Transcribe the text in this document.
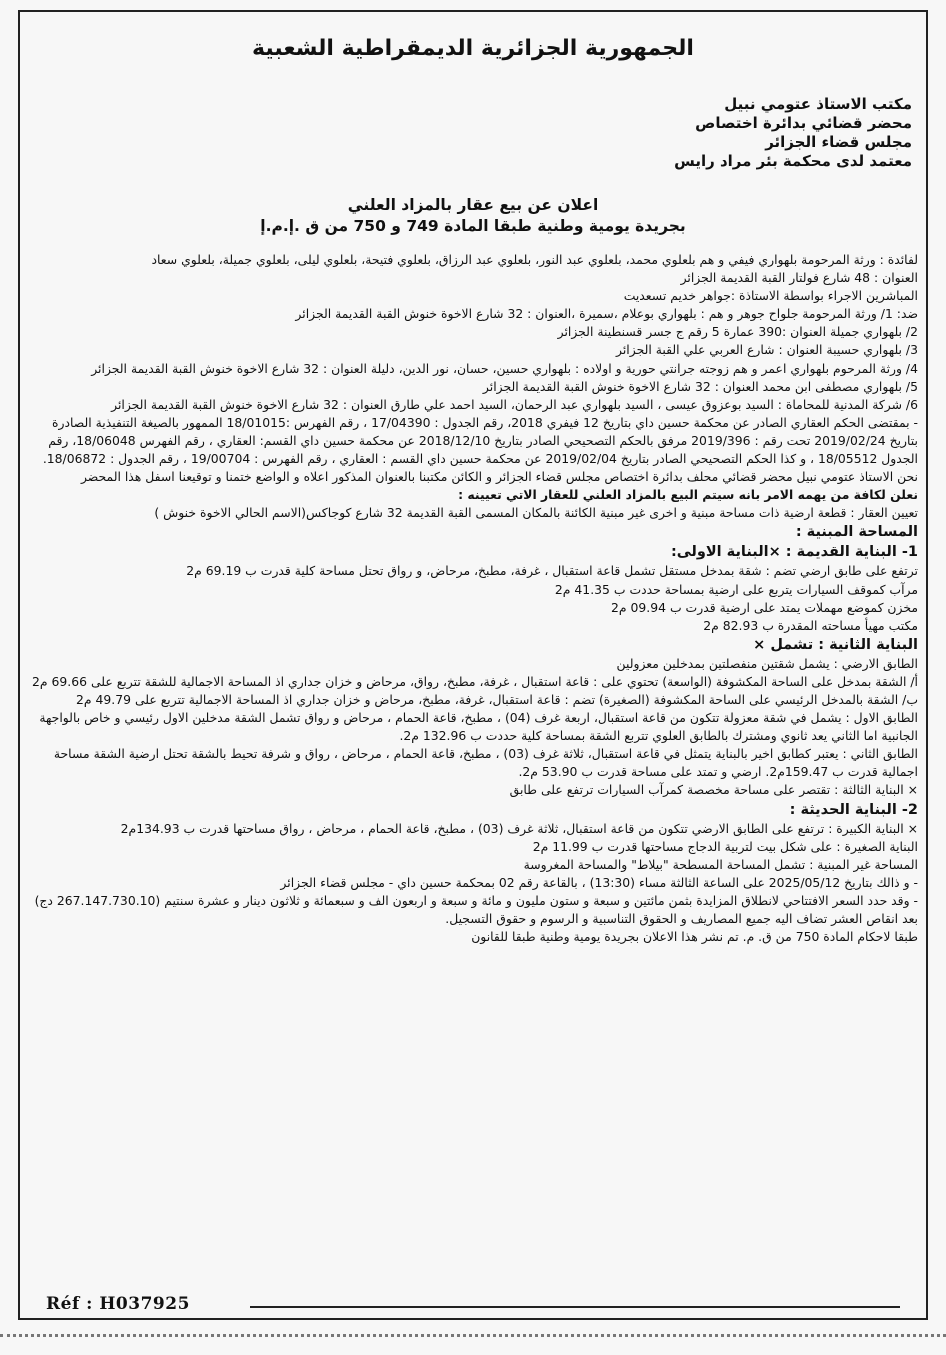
الجمهورية الجزائرية الديمقراطية الشعبية
مكتب الاستاذ عتومي نبيل
محضر قضائي بدائرة اختصاص
مجلس قضاء الجزائر
معتمد لدى محكمة بئر مراد رايس
اعلان عن بيع عقار بالمزاد العلني
بجريدة يومية وطنية طبقا المادة 749 و 750 من ق .إ.م.إ

لفائدة : ورثة المرحومة بلهواري فيفي و هم بلعلوي محمد، بلعلوي عبد النور، بلعلوي عبد الرزاق، بلعلوي فتيحة، بلعلوي ليلى، بلعلوي جميلة، بلعلوي سعاد

العنوان : 48 شارع فولتار القبة القديمة الجزائر

المباشرين الاجراء بواسطة الاستاذة :جواهر خديم تسعديت

ضد: 1/ ورثة المرحومة جلواح جوهر و هم : بلهواري بوعلام ،سميرة ،العنوان : 32 شارع الاخوة خنوش القبة القديمة الجزائر

2/ بلهواري جميلة العنوان :390 عمارة 5 رقم ج جسر قسنطينة الجزائر

3/ بلهواري حسيبة العنوان : شارع العربي علي القبة الجزائر

4/ ورثة المرحوم بلهواري اعمر و هم زوجته جرانتي حورية و اولاده : بلهواري حسين، حسان، نور الدين، دليلة العنوان : 32 شارع الاخوة خنوش القبة القديمة الجزائر

5/ بلهواري مصطفى ابن محمد العنوان : 32 شارع الاخوة خنوش القبة القديمة الجزائر

6/ شركة المدنية للمحاماة : السيد بوعزوق عيسى ، السيد بلهواري عبد الرحمان، السيد احمد علي طارق العنوان : 32 شارع الاخوة خنوش القبة القديمة الجزائر

- بمقتضى الحكم العقاري الصادر عن محكمة حسين داي بتاريخ 12 فيفري 2018، رقم الجدول : 17/04390 ، رقم الفهرس :18/01015 الممهور بالصيغة التنفيذية الصادرة بتاريخ 2019/02/24 تحت رقم : 2019/396 مرفق بالحكم التصحيحي الصادر بتاريخ 2018/12/10 عن محكمة حسين داي القسم: العقاري ، رقم الفهرس 18/06048، رقم الجدول 18/05512 ، و كذا الحكم التصحيحي الصادر بتاريخ 2019/02/04 عن محكمة حسين داي القسم : العقاري ، رقم الفهرس : 19/00704 ، رقم الجدول : 18/06872.

نحن الاستاذ عتومي نبيل محضر قضائي محلف بدائرة اختصاص مجلس قضاء الجزائر و الكائن مكتبنا بالعنوان المذكور اعلاه و الواضع ختمنا و توقيعنا اسفل هذا المحضر

نعلن لكافة من يهمه الامر بانه سيتم البيع بالمزاد العلني للعقار الاتي تعيينه :

تعيين العقار : قطعة ارضية ذات مساحة مبنية و اخرى غير مبنية الكائنة بالمكان المسمى القبة القديمة 32 شارع كوجاكس(الاسم الحالي الاخوة خنوش )

المساحة المبنية :
1- البناية القديمة : ×البناية الاولى:

ترتفع على طابق ارضي تضم : شقة بمدخل مستقل تشمل قاعة استقبال ، غرفة، مطبخ، مرحاض، و رواق تحتل مساحة كلية قدرت ب 69.19 م2

مرآب كموقف السيارات يتربع على ارضية بمساحة حددت ب 41.35 م2

مخزن كموضع مهملات يمتد على ارضية قدرت ب 09.94 م2

مكتب مهيأ مساحته المقدرة ب 82.93 م2

البناية الثانية : تشمل ×

الطابق الارضي : يشمل شقتين منفصلتين بمدخلين معزولين

أ/ الشقة بمدخل على الساحة المكشوفة (الواسعة) تحتوي على : قاعة استقبال ، غرفة، مطبخ، رواق، مرحاض و خزان جداري اذ المساحة الاجمالية للشقة تتربع على 69.66 م2

ب/ الشقة بالمدخل الرئيسي على الساحة المكشوفة (الصغيرة) تضم : قاعة استقبال، غرفة، مطبخ، مرحاض و خزان جداري اذ المساحة الاجمالية تتربع على 49.79 م2

الطابق الاول : يشمل في شقة معزولة تتكون من قاعة استقبال، اربعة غرف (04) ، مطبخ، قاعة الحمام ، مرحاض و رواق تشمل الشقة مدخلين الاول رئيسي و خاص بالواجهة الجانبية اما الثاني يعد ثانوي ومشترك بالطابق العلوي تتربع الشقة بمساحة كلية حددت ب 132.96 م2.

الطابق الثاني : يعتبر كطابق اخير بالبناية يتمثل في قاعة استقبال، ثلاثة غرف (03) ، مطبخ، قاعة الحمام ، مرحاض ، رواق و شرفة تحيط بالشقة تحتل ارضية الشقة مساحة اجمالية قدرت ب 159.47م2. ارضي و تمتد على مساحة قدرت ب 53.90 م2.

× البناية الثالثة : تقتصر على مساحة مخصصة كمرآب السيارات ترتفع على طابق

2- البناية الحديثة :

× البناية الكبيرة : ترتفع على الطابق الارضي تتكون من قاعة استقبال، ثلاثة غرف (03) ، مطبخ، قاعة الحمام ، مرحاض ، رواق مساحتها قدرت ب 134.93م2

البناية الصغيرة : على شكل بيت لتربية الدجاج مساحتها قدرت ب 11.99 م2

المساحة غير المبنية : تشمل المساحة المسطحة "بيلاط" والمساحة المغروسة

- و ذالك بتاريخ 2025/05/12 على الساعة الثالثة مساء (13:30) ، بالقاعة رقم 02 بمحكمة حسين داي - مجلس قضاء الجزائر

- وقد حدد السعر الافتتاحي لانطلاق المزايدة بثمن مائتين و سبعة و ستون مليون و مائة و سبعة و اربعون الف و سبعمائة و ثلاثون دينار و عشرة سنتيم (267.147.730.10 دج) بعد انقاص العشر تضاف اليه جميع المصاريف و الحقوق التناسبية و الرسوم و حقوق التسجيل.

طبقا لاحكام المادة 750 من ق. م. تم نشر هذا الاعلان بجريدة يومية وطنية طبقا للقانون

Réf : H037925
